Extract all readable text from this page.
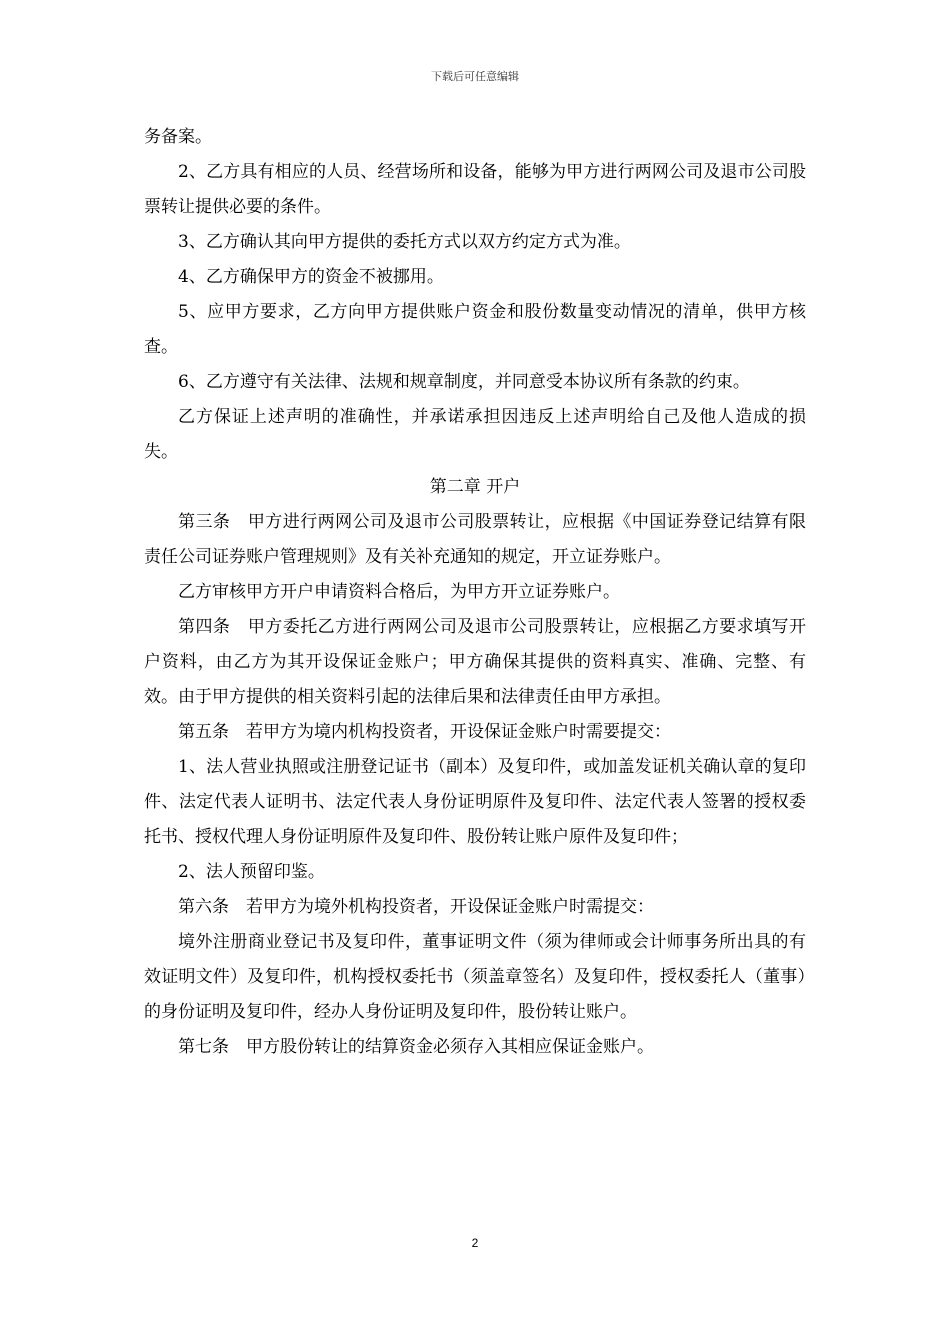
下载后可任意编辑

务备案。

2、乙方具有相应的人员、经营场所和设备，能够为甲方进行两网公司及退市公司股票转让提供必要的条件。

3、乙方确认其向甲方提供的委托方式以双方约定方式为准。

4、乙方确保甲方的资金不被挪用。

5、应甲方要求，乙方向甲方提供账户资金和股份数量变动情况的清单，供甲方核查。

6、乙方遵守有关法律、法规和规章制度，并同意受本协议所有条款的约束。

乙方保证上述声明的准确性，并承诺承担因违反上述声明给自己及他人造成的损失。

第二章 开户

第三条　甲方进行两网公司及退市公司股票转让，应根据《中国证券登记结算有限责任公司证券账户管理规则》及有关补充通知的规定，开立证券账户。

乙方审核甲方开户申请资料合格后，为甲方开立证券账户。

第四条　甲方委托乙方进行两网公司及退市公司股票转让，应根据乙方要求填写开户资料，由乙方为其开设保证金账户；甲方确保其提供的资料真实、准确、完整、有效。由于甲方提供的相关资料引起的法律后果和法律责任由甲方承担。

第五条　若甲方为境内机构投资者，开设保证金账户时需要提交：

1、法人营业执照或注册登记证书（副本）及复印件，或加盖发证机关确认章的复印件、法定代表人证明书、法定代表人身份证明原件及复印件、法定代表人签署的授权委托书、授权代理人身份证明原件及复印件、股份转让账户原件及复印件；

2、法人预留印鉴。

第六条　若甲方为境外机构投资者，开设保证金账户时需提交：

境外注册商业登记书及复印件，董事证明文件（须为律师或会计师事务所出具的有效证明文件）及复印件，机构授权委托书（须盖章签名）及复印件，授权委托人（董事）的身份证明及复印件，经办人身份证明及复印件，股份转让账户。

第七条　甲方股份转让的结算资金必须存入其相应保证金账户。

2
